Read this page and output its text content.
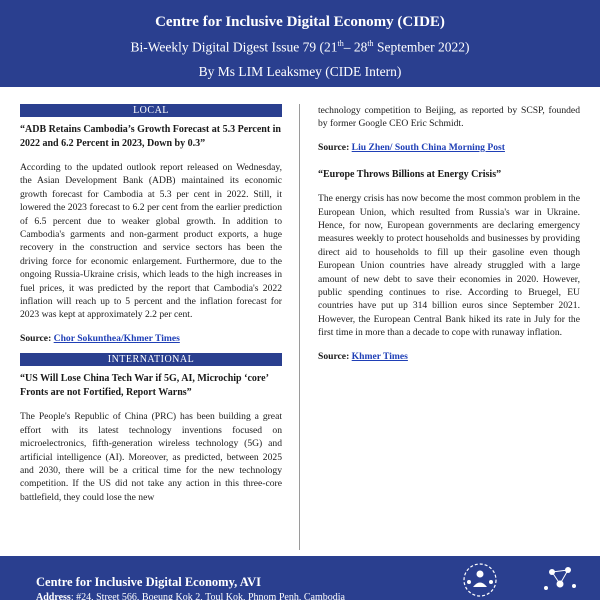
Centre for Inclusive Digital Economy (CIDE)
Bi-Weekly Digital Digest Issue 79 (21th– 28th September 2022)
By Ms LIM Leaksmey (CIDE Intern)
LOCAL
“ADB Retains Cambodia’s Growth Forecast at 5.3 Percent in 2022 and 6.2 Percent in 2023, Down by 0.3”

According to the updated outlook report released on Wednesday, the Asian Development Bank (ADB) maintained its economic growth forecast for Cambodia at 5.3 per cent in 2022. Still, it lowered the 2023 forecast to 6.2 per cent from the earlier prediction of 6.5 percent due to weaker global growth. In addition to Cambodia's garments and non-garment product exports, a huge recovery in the construction and service sectors has been the driving force for economic enlargement. Furthermore, due to the ongoing Russia-Ukraine crisis, which leads to the high increases in fuel prices, it was predicted by the report that Cambodia's 2022 inflation will reach up to 5 percent and the inflation forecast for 2023 was kept at approximately 2.2 per cent.

Source: Chor Sokunthea/Khmer Times

INTERNATIONAL
“US Will Lose China Tech War if 5G, AI, Microchip ‘core’ Fronts are not Fortified, Report Warns”

The People's Republic of China (PRC) has been building a great effort with its latest technology inventions focused on microelectronics, fifth-generation wireless technology (5G) and artificial intelligence (AI). Moreover, as predicted, between 2025 and 2030, there will be a critical time for the new technology competition. If the US did not take any action in this three-core battlefield, they could lose the new

technology competition to Beijing, as reported by SCSP, founded by former Google CEO Eric Schmidt.

Source: Liu Zhen/ South China Morning Post

“Europe Throws Billions at Energy Crisis”

The energy crisis has now become the most common problem in the European Union, which resulted from Russia's war in Ukraine. Hence, for now, European governments are declaring emergency measures weekly to protect households and businesses by providing direct aid to households to fill up their gasoline even though European Union countries have already struggled with a large amount of new debt to save their economies in 2020. However, public spending continues to rise. According to Bruegel, EU countries have put up 314 billion euros since September 2021. However, the European Central Bank hiked its rate in July for the first time in more than a decade to cope with runaway inflation.

Source: Khmer Times

Centre for Inclusive Digital Economy, AVI
Address: #24, Street 566, Boeung Kok 2, Toul Kok, Phnom Penh, Cambodia
